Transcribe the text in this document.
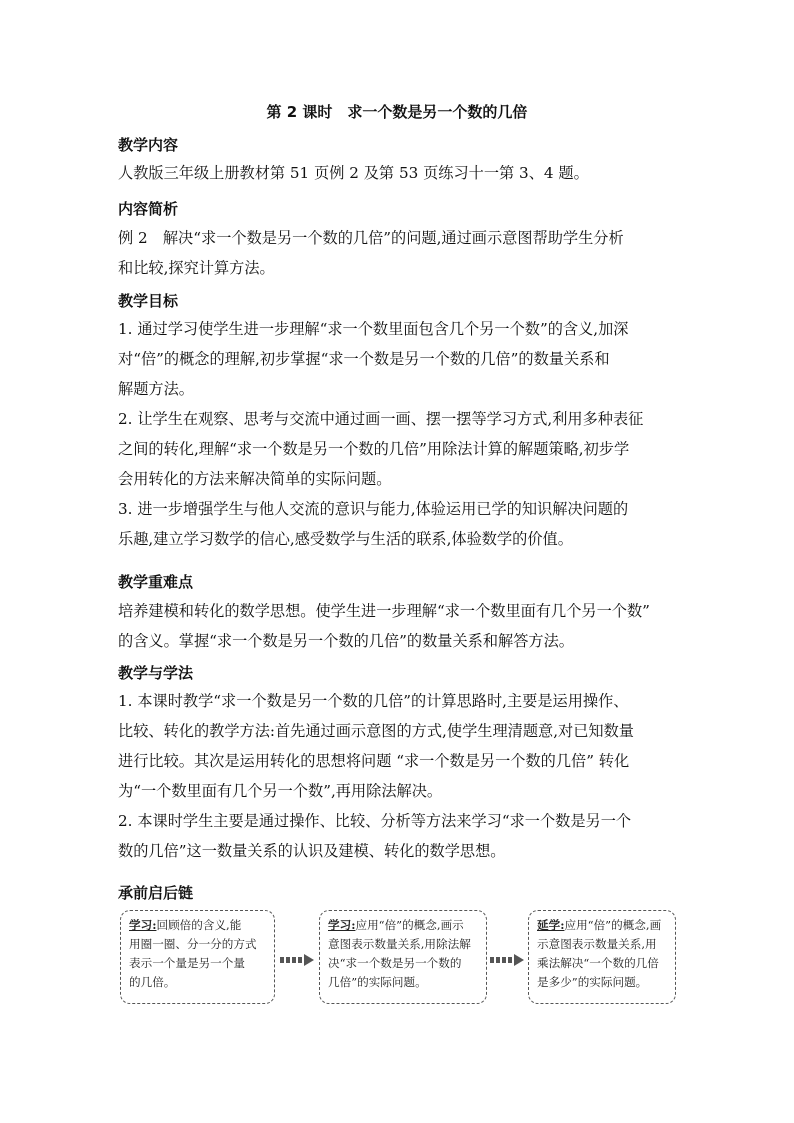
第 2 课时　求一个数是另一个数的几倍
教学内容
人教版三年级上册教材第 51 页例 2 及第 53 页练习十一第 3、4 题。
内容简析
例 2　解决“求一个数是另一个数的几倍”的问题,通过画示意图帮助学生分析
和比较,探究计算方法。
教学目标
1. 通过学习使学生进一步理解“求一个数里面包含几个另一个数”的含义,加深
对“倍”的概念的理解,初步掌握“求一个数是另一个数的几倍”的数量关系和
解题方法。
2. 让学生在观察、思考与交流中通过画一画、摆一摆等学习方式,利用多种表征
之间的转化,理解“求一个数是另一个数的几倍”用除法计算的解题策略,初步学
会用转化的方法来解决简单的实际问题。
3. 进一步增强学生与他人交流的意识与能力,体验运用已学的知识解决问题的
乐趣,建立学习数学的信心,感受数学与生活的联系,体验数学的价值。
教学重难点
培养建模和转化的数学思想。使学生进一步理解“求一个数里面有几个另一个数”
的含义。掌握“求一个数是另一个数的几倍”的数量关系和解答方法。
教学与学法
1. 本课时教学“求一个数是另一个数的几倍”的计算思路时,主要是运用操作、
比较、转化的教学方法:首先通过画示意图的方式,使学生理清题意,对已知数量
进行比较。其次是运用转化的思想将问题 “求一个数是另一个数的几倍” 转化
为“一个数里面有几个另一个数”,再用除法解决。
2. 本课时学生主要是通过操作、比较、分析等方法来学习“求一个数是另一个
数的几倍”这一数量关系的认识及建模、转化的数学思想。
承前启后链
学习:回顾倍的含义,能
用圈一圈、分一分的方式
表示一个量是另一个量
的几倍。
学习:应用“倍”的概念,画示
意图表示数量关系,用除法解
决“求一个数是另一个数的
几倍”的实际问题。
延学:应用“倍”的概念,画
示意图表示数量关系,用
乘法解决“一个数的几倍
是多少”的实际问题。
